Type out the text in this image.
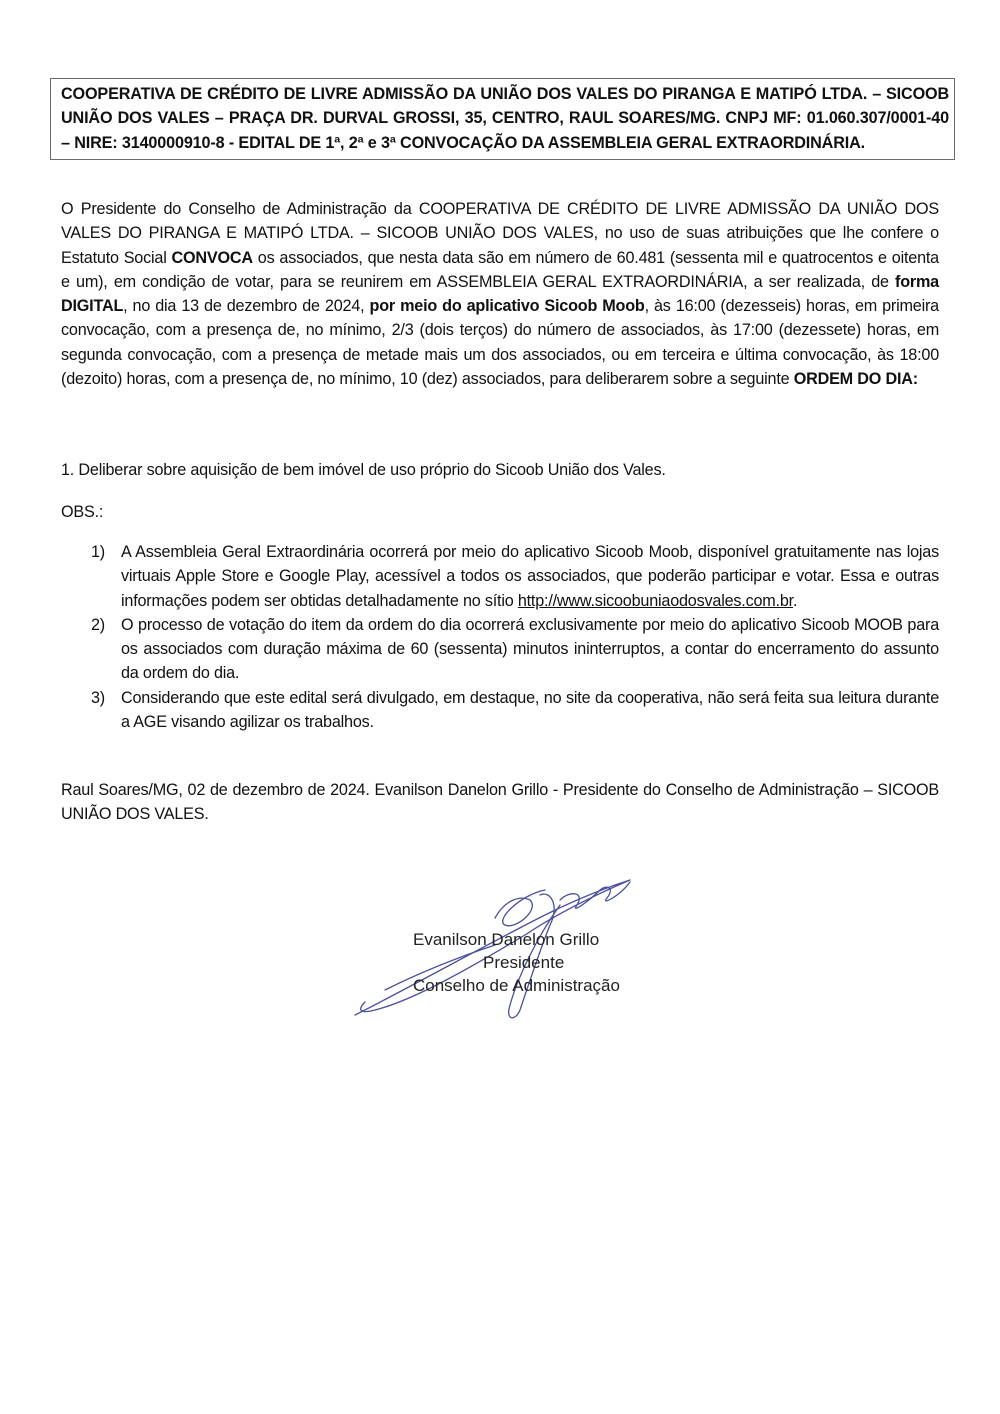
COOPERATIVA DE CRÉDITO DE LIVRE ADMISSÃO DA UNIÃO DOS VALES DO PIRANGA E MATIPÓ LTDA. – SICOOB UNIÃO DOS VALES – PRAÇA DR. DURVAL GROSSI, 35, CENTRO, RAUL SOARES/MG. CNPJ MF: 01.060.307/0001-40 – NIRE: 3140000910-8 - EDITAL DE 1ª, 2ª e 3ª CONVOCAÇÃO DA ASSEMBLEIA GERAL EXTRAORDINÁRIA.

O Presidente do Conselho de Administração da COOPERATIVA DE CRÉDITO DE LIVRE ADMISSÃO DA UNIÃO DOS VALES DO PIRANGA E MATIPÓ LTDA. – SICOOB UNIÃO DOS VALES, no uso de suas atribuições que lhe confere o Estatuto Social CONVOCA os associados, que nesta data são em número de 60.481 (sessenta mil e quatrocentos e oitenta e um), em condição de votar, para se reunirem em ASSEMBLEIA GERAL EXTRAORDINÁRIA, a ser realizada, de forma DIGITAL, no dia 13 de dezembro de 2024, por meio do aplicativo Sicoob Moob, às 16:00 (dezesseis) horas, em primeira convocação, com a presença de, no mínimo, 2/3 (dois terços) do número de associados, às 17:00 (dezessete) horas, em segunda convocação, com a presença de metade mais um dos associados, ou em terceira e última convocação, às 18:00 (dezoito) horas, com a presença de, no mínimo, 10 (dez) associados, para deliberarem sobre a seguinte ORDEM DO DIA:

1. Deliberar sobre aquisição de bem imóvel de uso próprio do Sicoob União dos Vales.

OBS.:

1) A Assembleia Geral Extraordinária ocorrerá por meio do aplicativo Sicoob Moob, disponível gratuitamente nas lojas virtuais Apple Store e Google Play, acessível a todos os associados, que poderão participar e votar. Essa e outras informações podem ser obtidas detalhadamente no sítio http://www.sicoobuniaodosvales.com.br.
2) O processo de votação do item da ordem do dia ocorrerá exclusivamente por meio do aplicativo Sicoob MOOB para os associados com duração máxima de 60 (sessenta) minutos ininterruptos, a contar do encerramento do assunto da ordem do dia.
3) Considerando que este edital será divulgado, em destaque, no site da cooperativa, não será feita sua leitura durante a AGE visando agilizar os trabalhos.

Raul Soares/MG, 02 de dezembro de 2024. Evanilson Danelon Grillo - Presidente do Conselho de Administração – SICOOB UNIÃO DOS VALES.

Evanilson Danelon Grillo
Presidente
Conselho de Administração
